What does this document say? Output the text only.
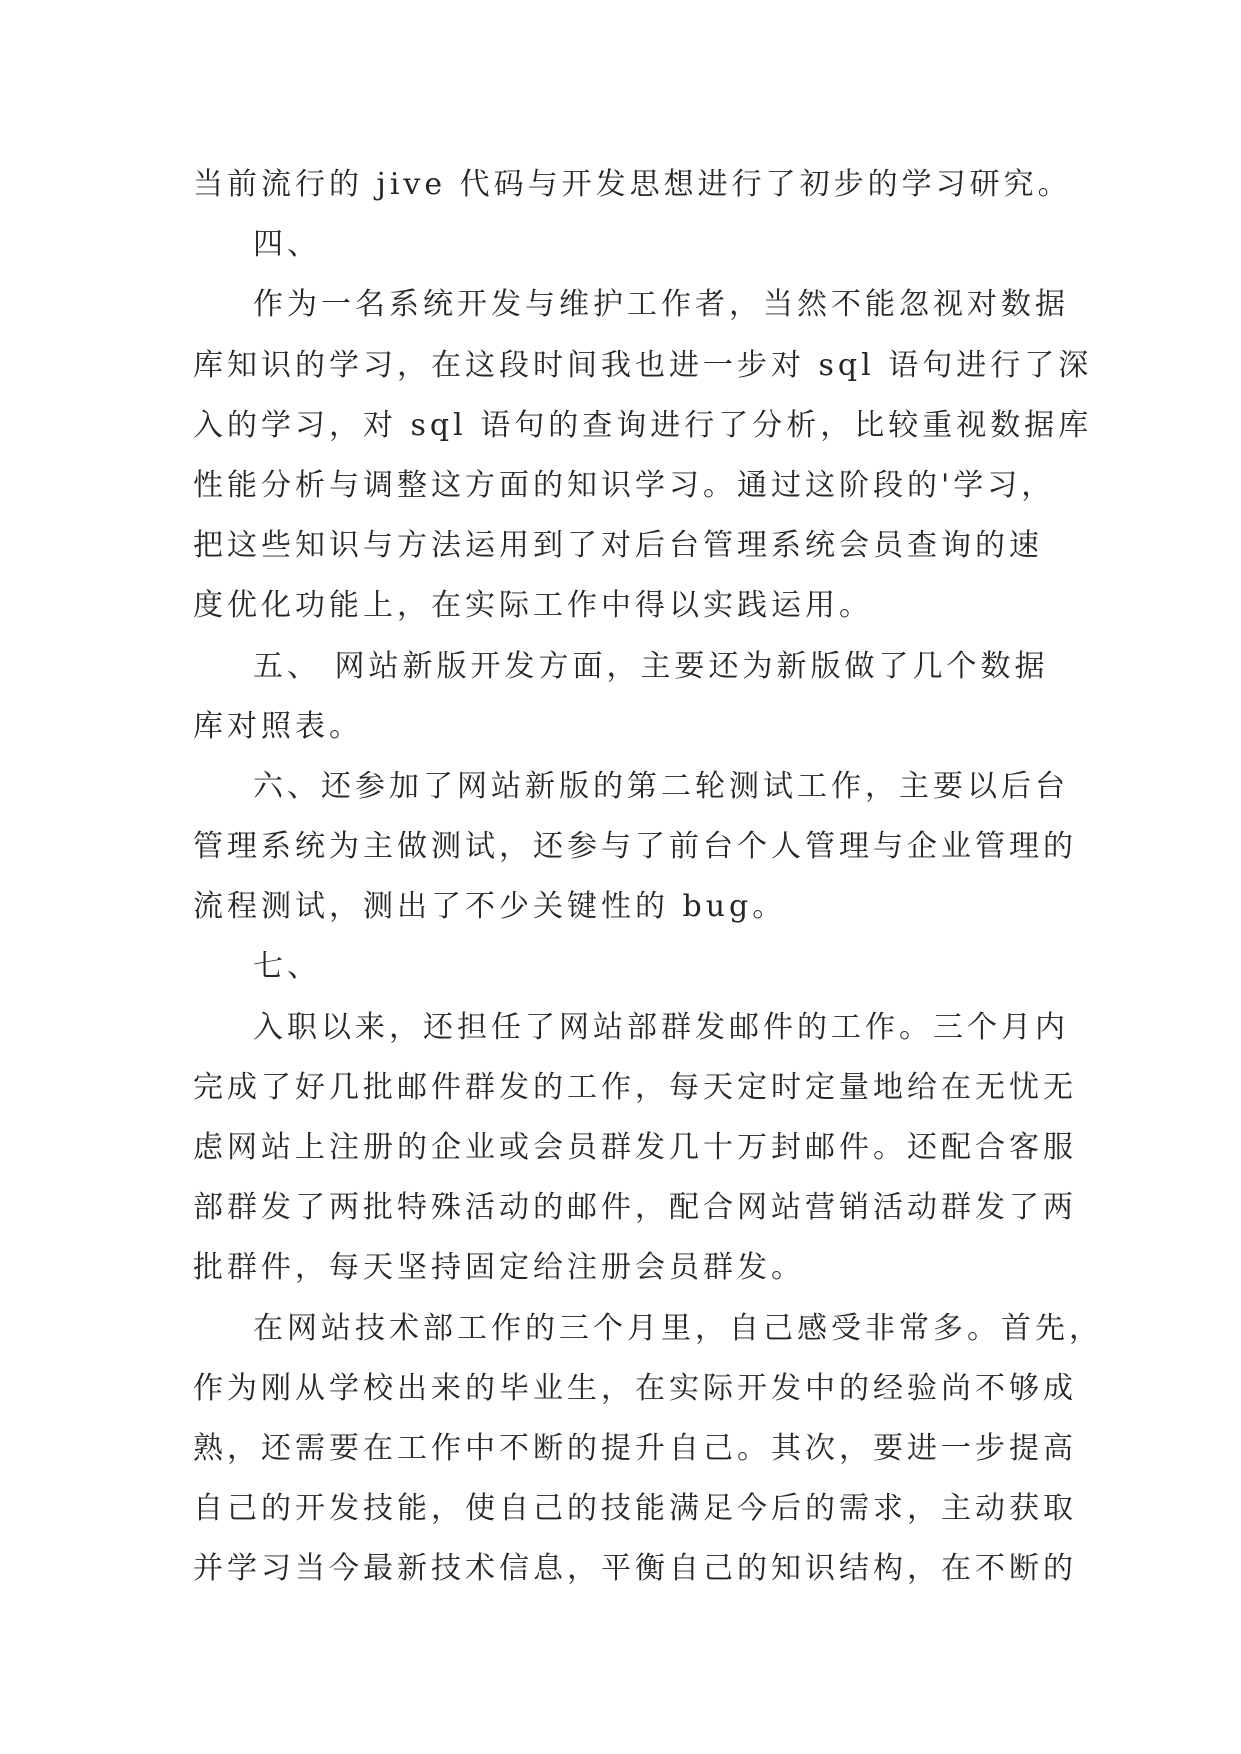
当前流行的 jive 代码与开发思想进行了初步的学习研究。
四、
作为一名系统开发与维护工作者，当然不能忽视对数据
库知识的学习，在这段时间我也进一步对 sql 语句进行了深
入的学习，对 sql 语句的查询进行了分析，比较重视数据库
性能分析与调整这方面的知识学习。通过这阶段的'学习，
把这些知识与方法运用到了对后台管理系统会员查询的速
度优化功能上，在实际工作中得以实践运用。
五、 网站新版开发方面，主要还为新版做了几个数据
库对照表。
六、还参加了网站新版的第二轮测试工作，主要以后台
管理系统为主做测试，还参与了前台个人管理与企业管理的
流程测试，测出了不少关键性的 bug。
七、
入职以来，还担任了网站部群发邮件的工作。三个月内
完成了好几批邮件群发的工作，每天定时定量地给在无忧无
虑网站上注册的企业或会员群发几十万封邮件。还配合客服
部群发了两批特殊活动的邮件，配合网站营销活动群发了两
批群件，每天坚持固定给注册会员群发。
在网站技术部工作的三个月里，自己感受非常多。首先，
作为刚从学校出来的毕业生，在实际开发中的经验尚不够成
熟，还需要在工作中不断的提升自己。其次，要进一步提高
自己的开发技能，使自己的技能满足今后的需求，主动获取
并学习当今最新技术信息，平衡自己的知识结构，在不断的
